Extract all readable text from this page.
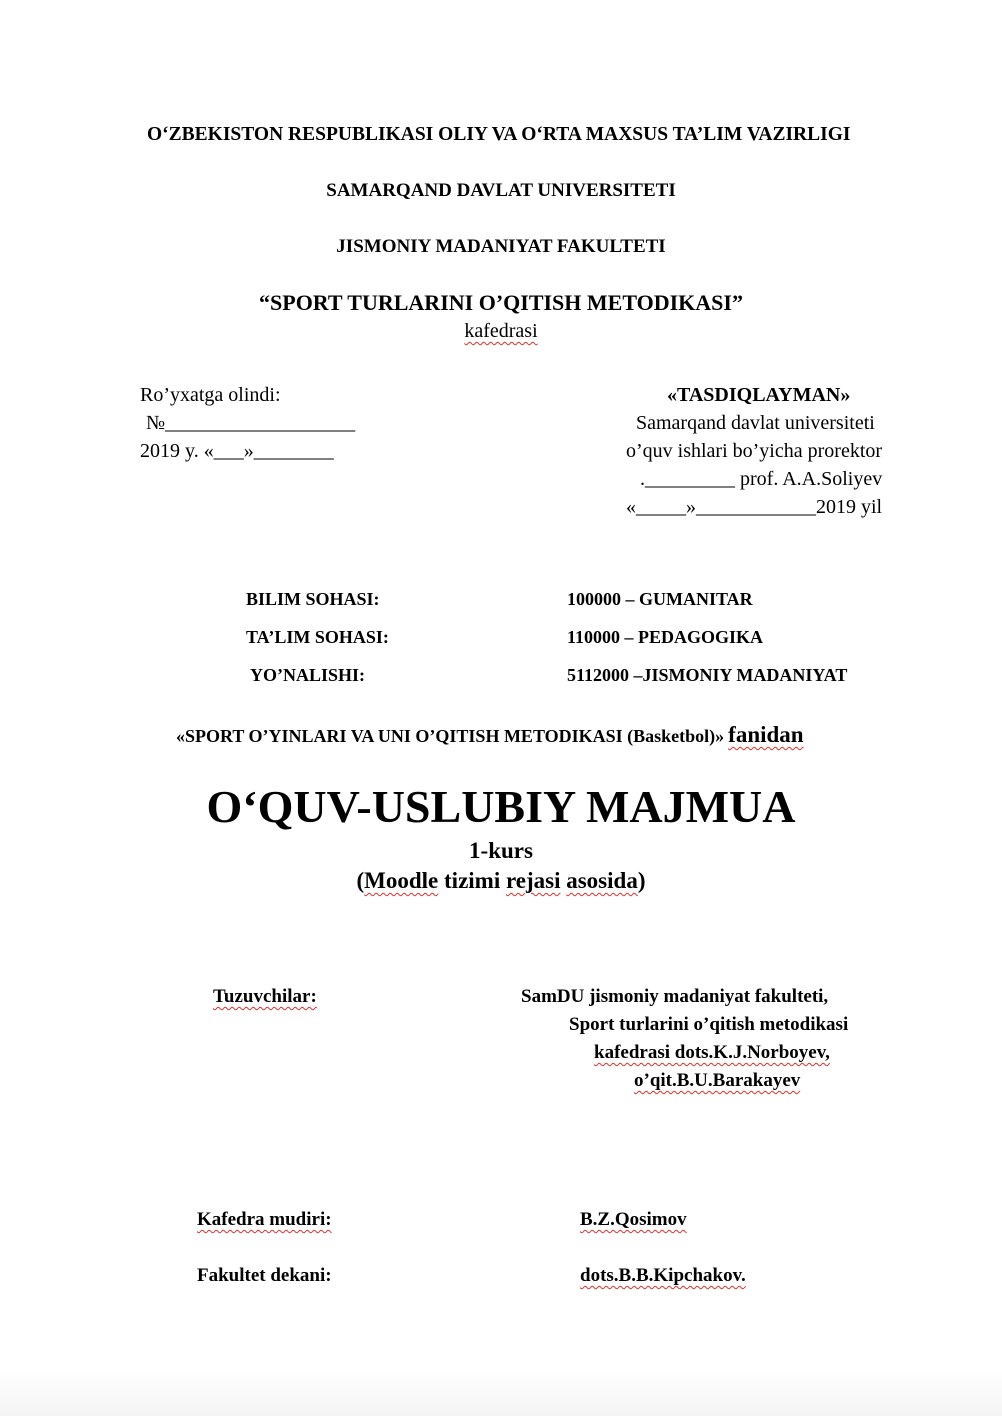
O‘ZBEKISTON RESPUBLIKASI OLIY VA O‘RTA MAXSUS TA’LIM VAZIRLIGI
SAMARQAND DAVLAT UNIVERSITETI
JISMONIY MADANIYAT FAKULTETI
“SPORT TURLARINI O’QITISH METODIKASI”
kafedrasi
Ro’yxatga olindi:
№___________________
2019 y. «___»________
«TASDIQLAYMAN»
Samarqand davlat universiteti
o’quv ishlari bo’yicha prorektor
._________ prof. A.A.Soliyev
«_____»____________2019 yil
BILIM SOHASI:	100000 – GUMANITAR
TA’LIM SOHASI:	110000 – PEDAGOGIKA
YO’NALISHI:	5112000 –JISMONIY MADANIYAT
«SPORT O’YINLARI VA UNI O’QITISH METODIKASI (Basketbol)» fanidan
O‘QUV-USLUBIY MAJMUA
1-kurs
(Moodle tizimi rejasi asosida)
Tuzuvchilar:	SamDU jismoniy madaniyat fakulteti,
Sport turlarini o’qitish metodikasi
kafedrasi dots.K.J.Norboyev,
o’qit.B.U.Barakayev
Kafedra mudiri:	B.Z.Qosimov
Fakultet dekani:	dots.B.B.Kipchakov.
